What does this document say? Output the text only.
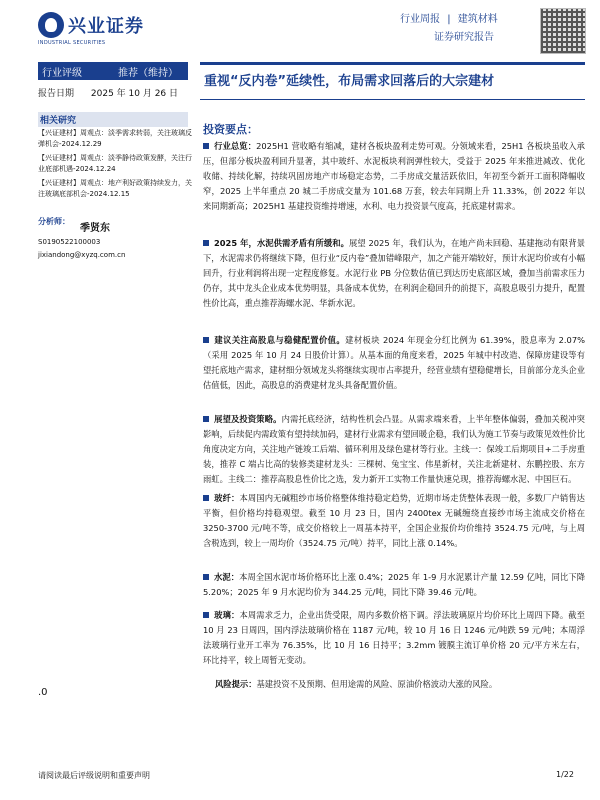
兴业证券
INDUSTRIAL SECURITIES
行业周报 | 建筑材料
证券研究报告
行业评级	推荐（维持）
报告日期 2025 年 10 月 26 日
相关研究
【兴证建材】周观点：淡季需求转弱，关注玻璃反弹机会-2024.12.29
【兴证建材】周观点：淡季静待政策发酵，关注行业底部机遇-2024.12.24
【兴证建材】周观点：地产利好政策持续发力，关注玻璃底部机会-2024.12.15
分析师：
季贤东
S0190522100003
jixiandong@xyzq.com.cn
.0
重视“反内卷”延续性，布局需求回落后的大宗建材
投资要点：
行业总览：2025H1 营收略有缩减，建材各板块盈利走势可观。分领域来看，25H1 各板块虽收入承压，但部分板块盈利回升显著，其中玻纤、水泥板块利润弹性较大，受益于 2025 年来推进减改、优化收储、持续化解，持续巩固房地产市场稳定态势，二手房成交量活跃依旧，年初至今新开工面积降幅收窄，2025 上半年重点 20 城二手房成交量为 101.68 万套，较去年同期上升 11.33%，创 2022 年以来同期新高；2025H1 基建投资维持增速，水利、电力投资景气度高，托底建材需求。
2025 年，水泥供需矛盾有所缓和。展望 2025 年，我们认为，在地产尚未回稳、基建拖动有限背景下，水泥需求仍将继续下降，但行业“反内卷”叠加错峰限产，加之产能开端较好，预计水泥均价或有小幅回升，行业利润将出现一定程度修复。水泥行业 PB 分位数估值已到达历史底部区域，叠加当前需求压力仍存，其中龙头企业成本优势明显，具备成本优势，在利润企稳回升的前提下，高股息吸引力提升，配置性价比高，重点推荐海螺水泥、华新水泥。
建议关注高股息与稳健配置价值。建材板块 2024 年现金分红比例为 61.39%，股息率为 2.07%（采用 2025 年 10 月 24 日股价计算）。从基本面的角度来看，2025 年城中村改造、保障房建设等有望托底地产需求，建材细分领域龙头将继续实现市占率提升，经营业绩有望稳健增长，目前部分龙头企业估值低，因此，高股息的消费建材龙头具备配置价值。
展望及投资策略。内需托底经济，结构性机会凸显。从需求端来看，上半年整体偏弱，叠加关税冲突影响，后续促内需政策有望持续加码，建材行业需求有望回暖企稳，我们认为施工节奏与政策见效性价比角度决定方向，关注地产链竣工后端、循环利用及绿色建材等行业。主线一：保竣工后期项目+二手房重装，推荐 C 端占比高的装修类建材龙头：三棵树、兔宝宝、伟星新材，关注北新建材、东鹏控股、东方雨虹。主线二：推荐高股息性价比之选，发力新开工实物工作量快速兑现，推荐海螺水泥、中国巨石。
玻纤：本周国内无碱粗纱市场价格整体维持稳定趋势，近期市场走货整体表现一般，多数厂户销售达平衡，但价格均持稳观望。截至 10 月 23 日，国内 2400tex 无碱缠绕直接纱市场主流成交价格在 3250-3700 元/吨不等，成交价格较上一周基本持平，全国企业报价均价维持 3524.75 元/吨，与上周含税选到，较上一周均价（3524.75 元/吨）持平，同比上涨 0.14%。
水泥：本周全国水泥市场价格环比上涨 0.4%；2025 年 1-9 月水泥累计产量 12.59 亿吨，同比下降 5.20%；2025 年 9 月水泥均价为 344.25 元/吨，同比下降 39.46 元/吨。
玻璃：本周需求乏力，企业出货受限，周内多数价格下调。浮法玻璃原片均价环比上周四下降。截至 10 月 23 日周四，国内浮法玻璃价格在 1187 元/吨，较 10 月 16 日 1246 元/吨跌 59 元/吨；本周浮法玻璃行业开工率为 76.35%，比 10 月 16 日持平；3.2mm 镀膜主流订单价格 20 元/平方米左右，环比持平，较上周暂无变动。
风险提示：基建投资不及预期、但用途需的风险、原油价格波动大涨的风险。
请阅读最后评级说明和重要声明	1/22
